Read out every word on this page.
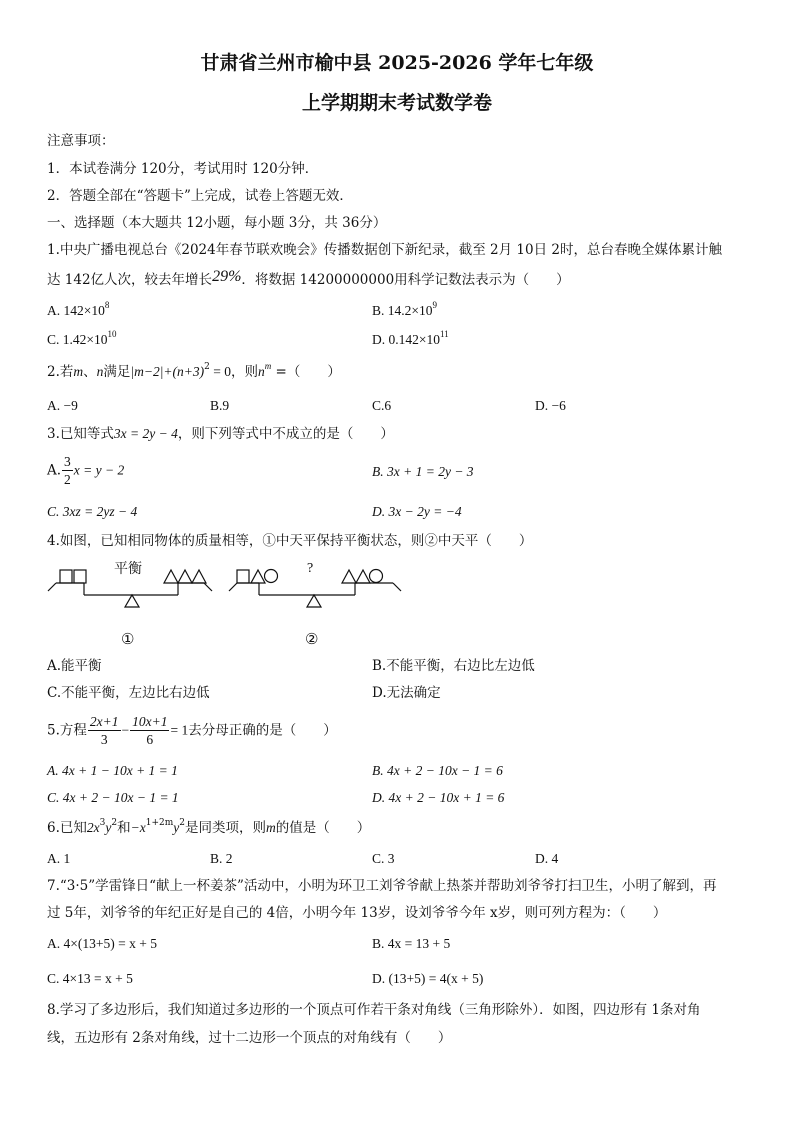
甘肃省兰州市榆中县 2025-2026 学年七年级
上学期期末考试数学卷
注意事项：
1．本试卷满分 120分，考试用时 120分钟．
2．答题全部在“答题卡”上完成，试卷上答题无效．
一、选择题（本大题共 12小题，每小题 3分，共 36分）
1.中央广播电视总台《2024年春节联欢晚会》传播数据创下新纪录，截至 2月 10日 2时，总台春晚全媒体累计触
达 142亿人次，较去年增长29%．将数据 14200000000用科学记数法表示为（　　）
A. $142\times 10^8$	B. $14.2\times 10^9$
C. $1.42\times 10^{10}$	D. $0.142\times 10^{11}$
2.若m、n满足$|m-2|+(n+3)^2 = 0$，则$n^m$ =（　　）
A. −9	B.9	C.6	D. −6
3.已知等式3x = 2y − 4，则下列等式中不成立的是（　　）
A. $\frac{3}{2}$ x = y − 2	B. 3x + 1 = 2y − 3
C. 3xz = 2yz − 4	D. 3x − 2y = −4
4.如图，已知相同物体的质量相等，①中天平保持平衡状态，则②中天平（　　）
平衡	?
①	②
A.能平衡	B.不能平衡，右边比左边低
C.不能平衡，左边比右边低	D.无法确定
5.方程 $\frac{2x+1}{3} - \frac{10x+1}{6} = 1$去分母正确的是（　　）
A. 4x + 1 − 10x + 1 = 1	B. 4x + 2 − 10x − 1 = 6
C. 4x + 2 − 10x − 1 = 1	D. 4x + 2 − 10x + 1 = 6
6.已知$2x^3y^2$和$-x^{1+2m}y^2$是同类项，则m的值是（　　）
A. 1	B. 2	C. 3	D. 4
7.“3·5”学雷锋日“献上一杯姜茶”活动中，小明为环卫工刘爷爷献上热茶并帮助刘爷爷打扫卫生，小明了解到，再
过 5年，刘爷爷的年纪正好是自己的 4倍，小明今年 13岁，设刘爷爷今年 x岁，则可列方程为：（　　）
A. 4×(13+5) = x + 5	B. 4x = 13 + 5
C. 4×13 = x + 5	D. (13+5) = 4(x + 5)
8.学习了多边形后，我们知道过多边形的一个顶点可作若干条对角线（三角形除外）．如图，四边形有 1条对角
线，五边形有 2条对角线，过十二边形一个顶点的对角线有（　　）
